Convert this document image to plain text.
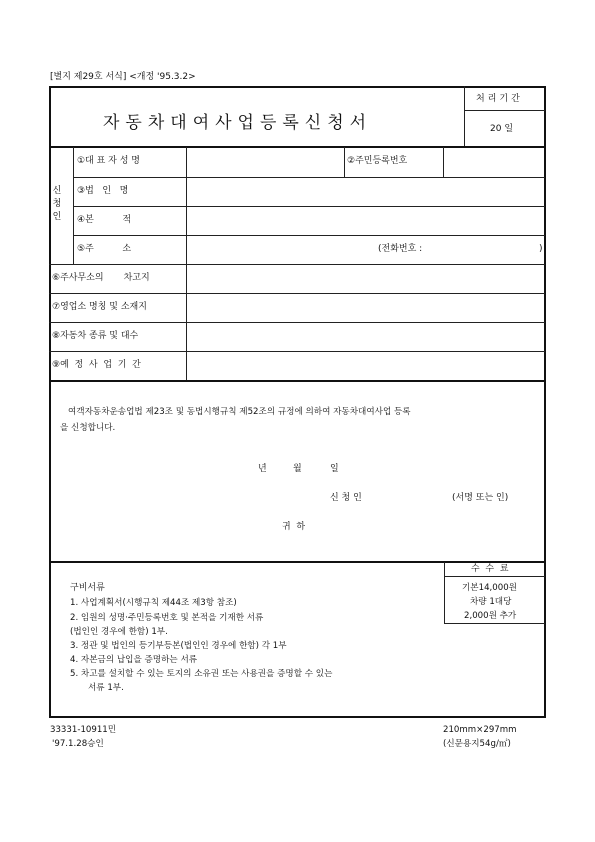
[별지 제29호 서식] <개정 '95.3.2>
자동차대여사업등록신청서
처리기간
20 일
신
청
인
①대 표 자 성 명	②주민등록번호
③법   인   명
④본          적
⑤주          소	(전화번호 :	)
⑥주사무소의       차고지
⑦영업소 명칭 및 소재지
⑧자동차 종류 및 대수
⑨예  정  사  업  기  간
여객자동차운송업법 제23조 및 동법시행규칙 제52조의 규정에 의하여 자동차대여사업 등록
을 신청합니다.
년	월	일
신 청 인	(서명 또는 인)
귀  하
수  수  료
기본14,000원
차량 1대당
2,000원 추가
구비서류
1. 사업계획서(시행규칙 제44조 제3항 참조)
2. 임원의 성명·주민등록번호 및 본적을 기재한 서류
(법인인 경우에 한함) 1부.
3. 정관 및 법인의 등기부등본(법인인 경우에 한함) 각 1부
4. 자본금의 납입을 증명하는 서류
5. 차고를 설치할 수 있는 토지의 소유권 또는 사용권을 증명할 수 있는
서류 1부.
33331-10911민
'97.1.28승인
210mm×297mm
(신문용지54g/㎡)
